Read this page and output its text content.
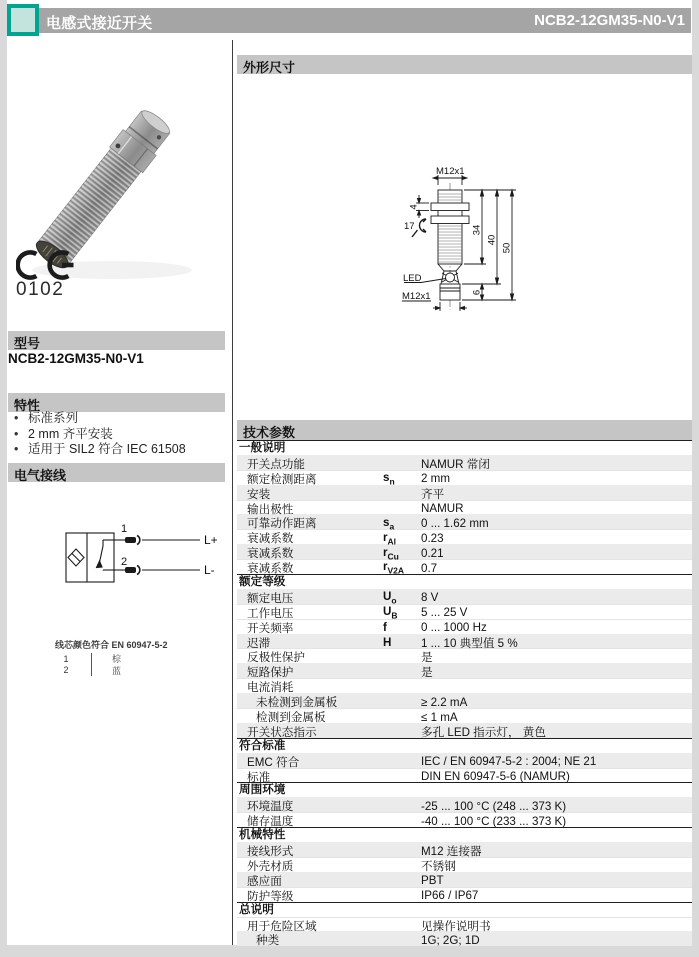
电感式接近开关	NCB2-12GM35-N0-V1
0102
型号
NCB2-12GM35-N0-V1
特性
• 标准系列
• 2 mm 齐平安装
• 适用于 SIL2 符合 IEC 61508
电气接线
1
2
L+
L-
线芯颜色符合 EN 60947-5-2
1	棕
2	蓝
外形尺寸
M12x1
34
40
50
6
4
17
LED
M12x1
技术参数
一般说明
开关点功能	NAMUR 常闭
额定检测距离	$s_n$	2 mm
安装	齐平
输出极性	NAMUR
可靠动作距离	$s_a$	0 ... 1.62 mm
衰减系数	$r_{Al}$	0.23
衰减系数	$r_{Cu}$	0.21
衰减系数	$r_{V2A}$	0.7
额定等级
额定电压	$U_o$	8 V
工作电压	$U_B$	5 ... 25 V
开关频率	f	0 ... 1000 Hz
迟滞	H	1 ... 10 典型值 5 %
反极性保护	是
短路保护	是
电流消耗
未检测到金属板	≥ 2.2 mA
检测到金属板	≤ 1 mA
开关状态指示	多孔 LED 指示灯， 黄色
符合标准
EMC 符合	IEC / EN 60947-5-2 : 2004; NE 21
标准	DIN EN 60947-5-6 (NAMUR)
周围环境
环境温度	-25 ... 100 °C (248 ... 373 K)
储存温度	-40 ... 100 °C (233 ... 373 K)
机械特性
接线形式	M12 连接器
外壳材质	不锈钢
感应面	PBT
防护等级	IP66 / IP67
总说明
用于危险区域	见操作说明书
种类	1G; 2G; 1D
